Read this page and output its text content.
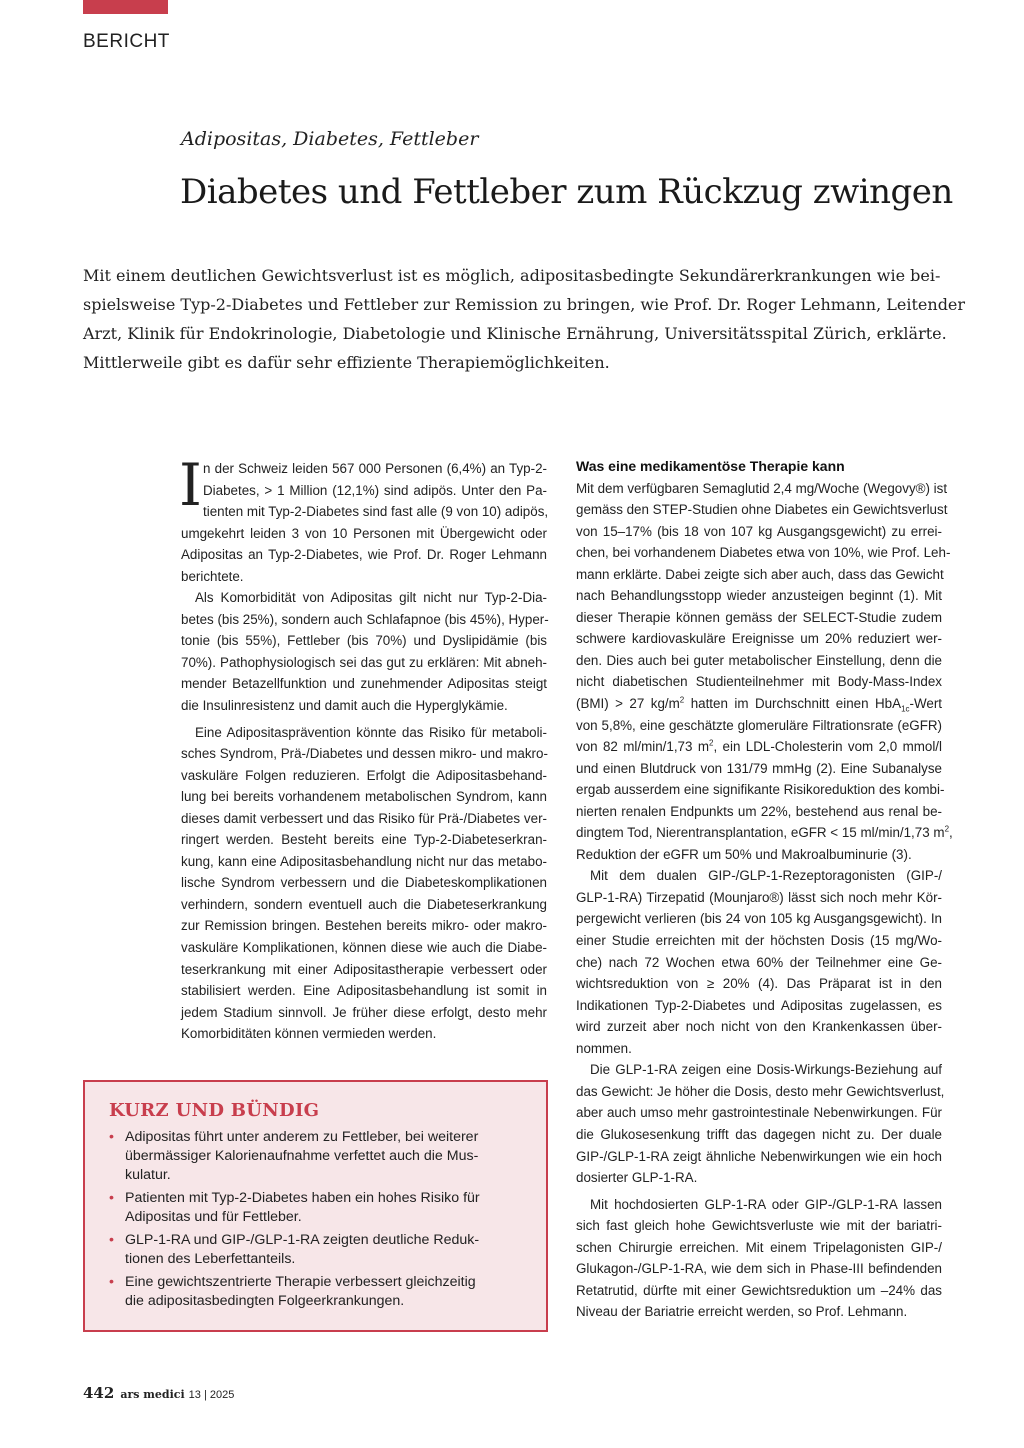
BERICHT
Adipositas, Diabetes, Fettleber
Diabetes und Fettleber zum Rückzug zwingen
Mit einem deutlichen Gewichtsverlust ist es möglich, adipositasbedingte Sekundärerkrankungen wie bei-
spielsweise Typ-2-Diabetes und Fettleber zur Remission zu bringen, wie Prof. Dr. Roger Lehmann, Leitender
Arzt, Klinik für Endokrinologie, Diabetologie und Klinische Ernährung, Universitätsspital Zürich, erklärte.
Mittlerweile gibt es dafür sehr effiziente Therapiemöglichkeiten.
I n der Schweiz leiden 567 000 Personen (6,4%) an Typ-2-
Diabetes, > 1 Million (12,1%) sind adipös. Unter den Pa-
tienten mit Typ-2-Diabetes sind fast alle (9 von 10) adipös,
umgekehrt leiden 3 von 10 Personen mit Übergewicht oder
Adipositas an Typ-2-Diabetes, wie Prof. Dr. Roger Lehmann
berichtete.
Als Komorbidität von Adipositas gilt nicht nur Typ-2-Dia-
betes (bis 25%), sondern auch Schlafapnoe (bis 45%), Hyper-
tonie (bis 55%), Fettleber (bis 70%) und Dyslipidämie (bis
70%). Pathophysiologisch sei das gut zu erklären: Mit abneh-
mender Betazellfunktion und zunehmender Adipositas steigt
die Insulinresistenz und damit auch die Hyperglykämie.
Eine Adipositasprävention könnte das Risiko für metaboli-
sches Syndrom, Prä-/Diabetes und dessen mikro- und makro-
vaskuläre Folgen reduzieren. Erfolgt die Adipositasbehand-
lung bei bereits vorhandenem metabolischen Syndrom, kann
dieses damit verbessert und das Risiko für Prä-/Diabetes ver-
ringert werden. Besteht bereits eine Typ-2-Diabeteserkran-
kung, kann eine Adipositasbehandlung nicht nur das metabo-
lische Syndrom verbessern und die Diabeteskomplikationen
verhindern, sondern eventuell auch die Diabeteserkrankung
zur Remission bringen. Bestehen bereits mikro- oder makro-
vaskuläre Komplikationen, können diese wie auch die Diabe-
teserkrankung mit einer Adipositastherapie verbessert oder
stabilisiert werden. Eine Adipositasbehandlung ist somit in
jedem Stadium sinnvoll. Je früher diese erfolgt, desto mehr
Komorbiditäten können vermieden werden.
Was eine medikamentöse Therapie kann
Mit dem verfügbaren Semaglutid 2,4 mg/Woche (Wegovy®) ist
gemäss den STEP-Studien ohne Diabetes ein Gewichtsverlust
von 15–17% (bis 18 von 107 kg Ausgangsgewicht) zu errei-
chen, bei vorhandenem Diabetes etwa von 10%, wie Prof. Leh-
mann erklärte. Dabei zeigte sich aber auch, dass das Gewicht
nach Behandlungsstopp wieder anzusteigen beginnt (1). Mit
dieser Therapie können gemäss der SELECT-Studie zudem
schwere kardiovaskuläre Ereignisse um 20% reduziert wer-
den. Dies auch bei guter metabolischer Einstellung, denn die
nicht diabetischen Studienteilnehmer mit Body-Mass-Index
(BMI) > 27 $kg/m^2$ hatten im Durchschnitt einen HbA$_{1c}$-Wert
von 5,8%, eine geschätzte glomeruläre Filtrationsrate (eGFR)
von 82 ml/min/1,73 $m^2$, ein LDL-Cholesterin vom 2,0 mmol/l
und einen Blutdruck von 131/79 mmHg (2). Eine Subanalyse
ergab ausserdem eine signifikante Risikoreduktion des kombi-
nierten renalen Endpunkts um 22%, bestehend aus renal be-
dingtem Tod, Nierentransplantation, eGFR < 15 ml/min/1,73 $m^2$,
Reduktion der eGFR um 50% und Makroalbuminurie (3).
Mit dem dualen GIP-/GLP-1-Rezeptoragonisten (GIP-/
GLP-1-RA) Tirzepatid (Mounjaro®) lässt sich noch mehr Kör-
pergewicht verlieren (bis 24 von 105 kg Ausgangsgewicht). In
einer Studie erreichten mit der höchsten Dosis (15 mg/Wo-
che) nach 72 Wochen etwa 60% der Teilnehmer eine Ge-
wichtsreduktion von ≥ 20% (4). Das Präparat ist in den
Indikationen Typ-2-Diabetes und Adipositas zugelassen, es
wird zurzeit aber noch nicht von den Krankenkassen über-
nommen.
Die GLP-1-RA zeigen eine Dosis-Wirkungs-Beziehung auf
das Gewicht: Je höher die Dosis, desto mehr Gewichtsverlust,
aber auch umso mehr gastrointestinale Nebenwirkungen. Für
die Glukosesenkung trifft das dagegen nicht zu. Der duale
GIP-/GLP-1-RA zeigt ähnliche Nebenwirkungen wie ein hoch
dosierter GLP-1-RA.
Mit hochdosierten GLP-1-RA oder GIP-/GLP-1-RA lassen
sich fast gleich hohe Gewichtsverluste wie mit der bariatri-
schen Chirurgie erreichen. Mit einem Tripelagonisten GIP-/
Glukagon-/GLP-1-RA, wie dem sich in Phase-III befindenden
Retatrutid, dürfte mit einer Gewichtsreduktion um –24% das
Niveau der Bariatrie erreicht werden, so Prof. Lehmann.
KURZ UND BÜNDIG
• Adipositas führt unter anderem zu Fettleber, bei weiterer
übermässiger Kalorienaufnahme verfettet auch die Mus-
kulatur.
• Patienten mit Typ-2-Diabetes haben ein hohes Risiko für
Adipositas und für Fettleber.
• GLP-1-RA und GIP-/GLP-1-RA zeigten deutliche Reduk-
tionen des Leberfettanteils.
• Eine gewichtszentrierte Therapie verbessert gleichzeitig
die adipositasbedingten Folgeerkrankungen.
442 ars medici 13 | 2025
